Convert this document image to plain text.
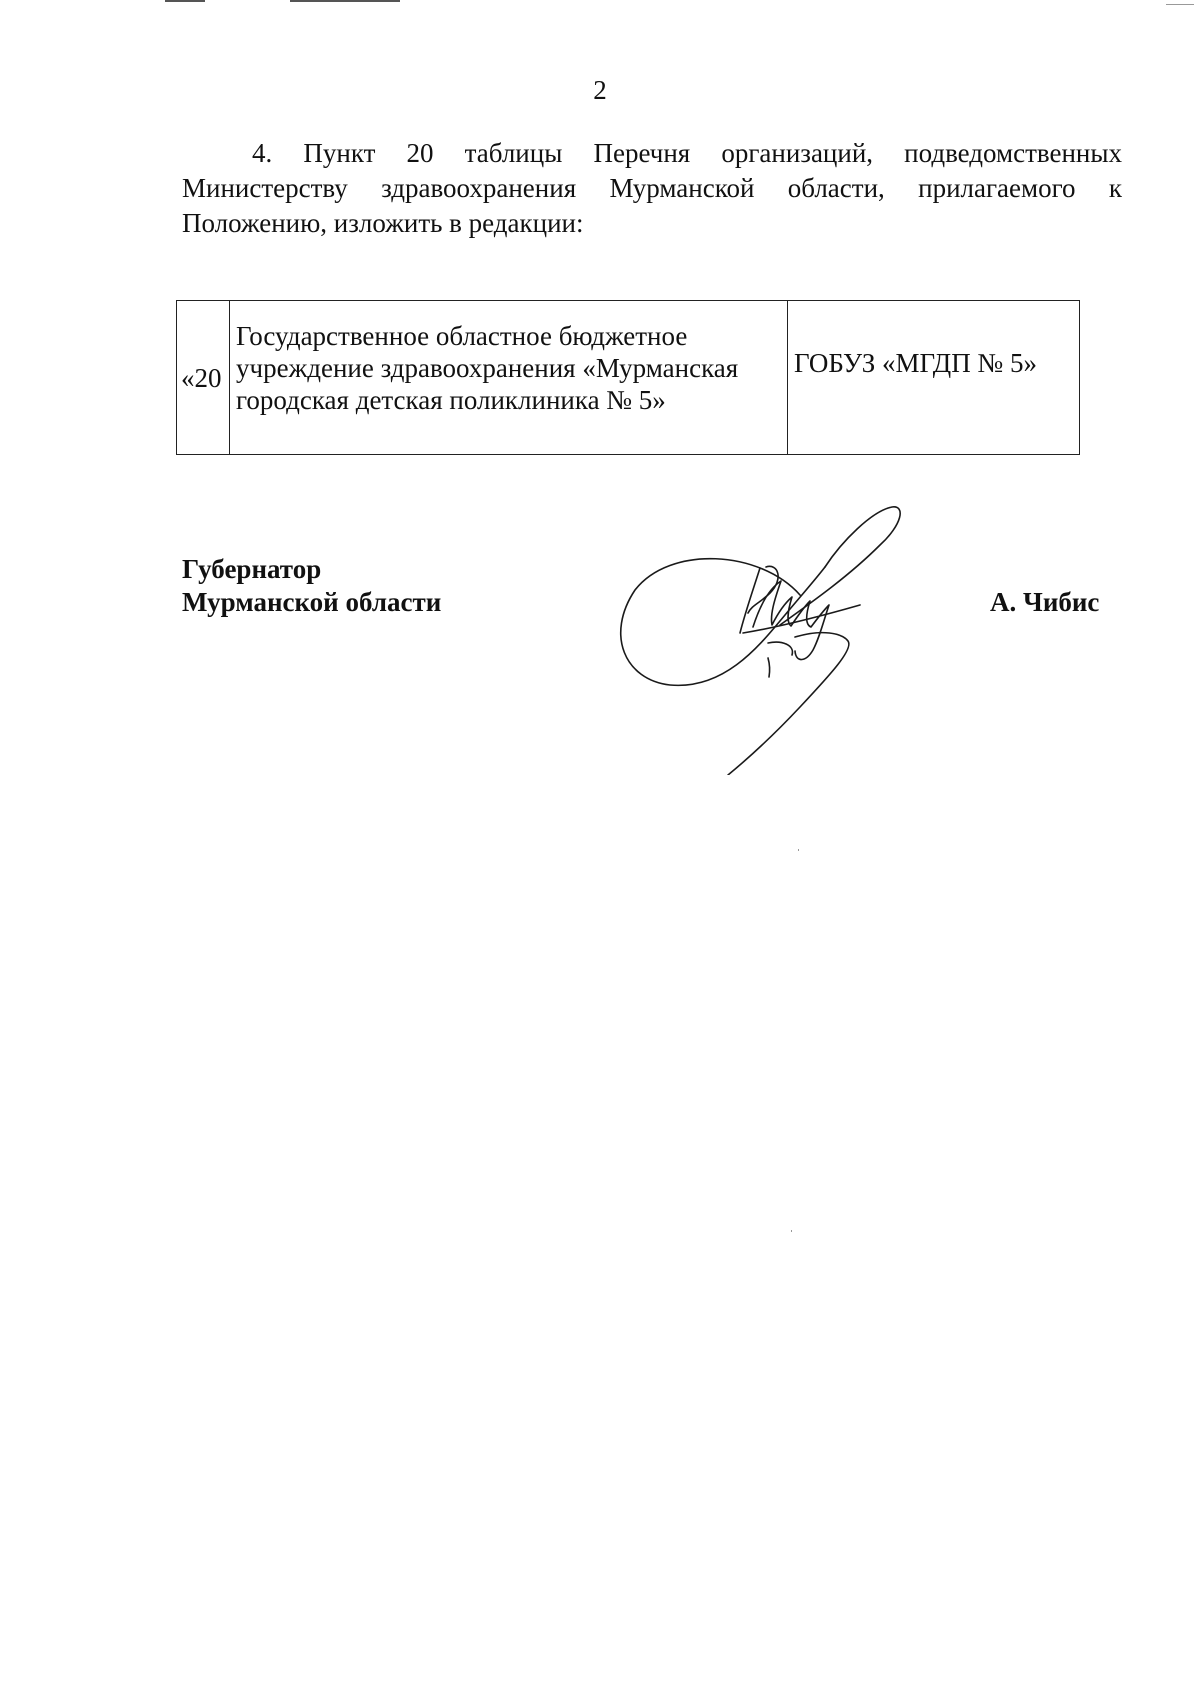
2

4. Пункт 20 таблицы Перечня организаций, подведомственных Министерству здравоохранения Мурманской области, прилагаемого к Положению, изложить в редакции:

«20	Государственное областное бюджетное учреждение здравоохранения «Мурманская городская детская поликлиника № 5»	ГОБУЗ «МГДП № 5»
Губернатор
Мурманской области	А. Чибис
